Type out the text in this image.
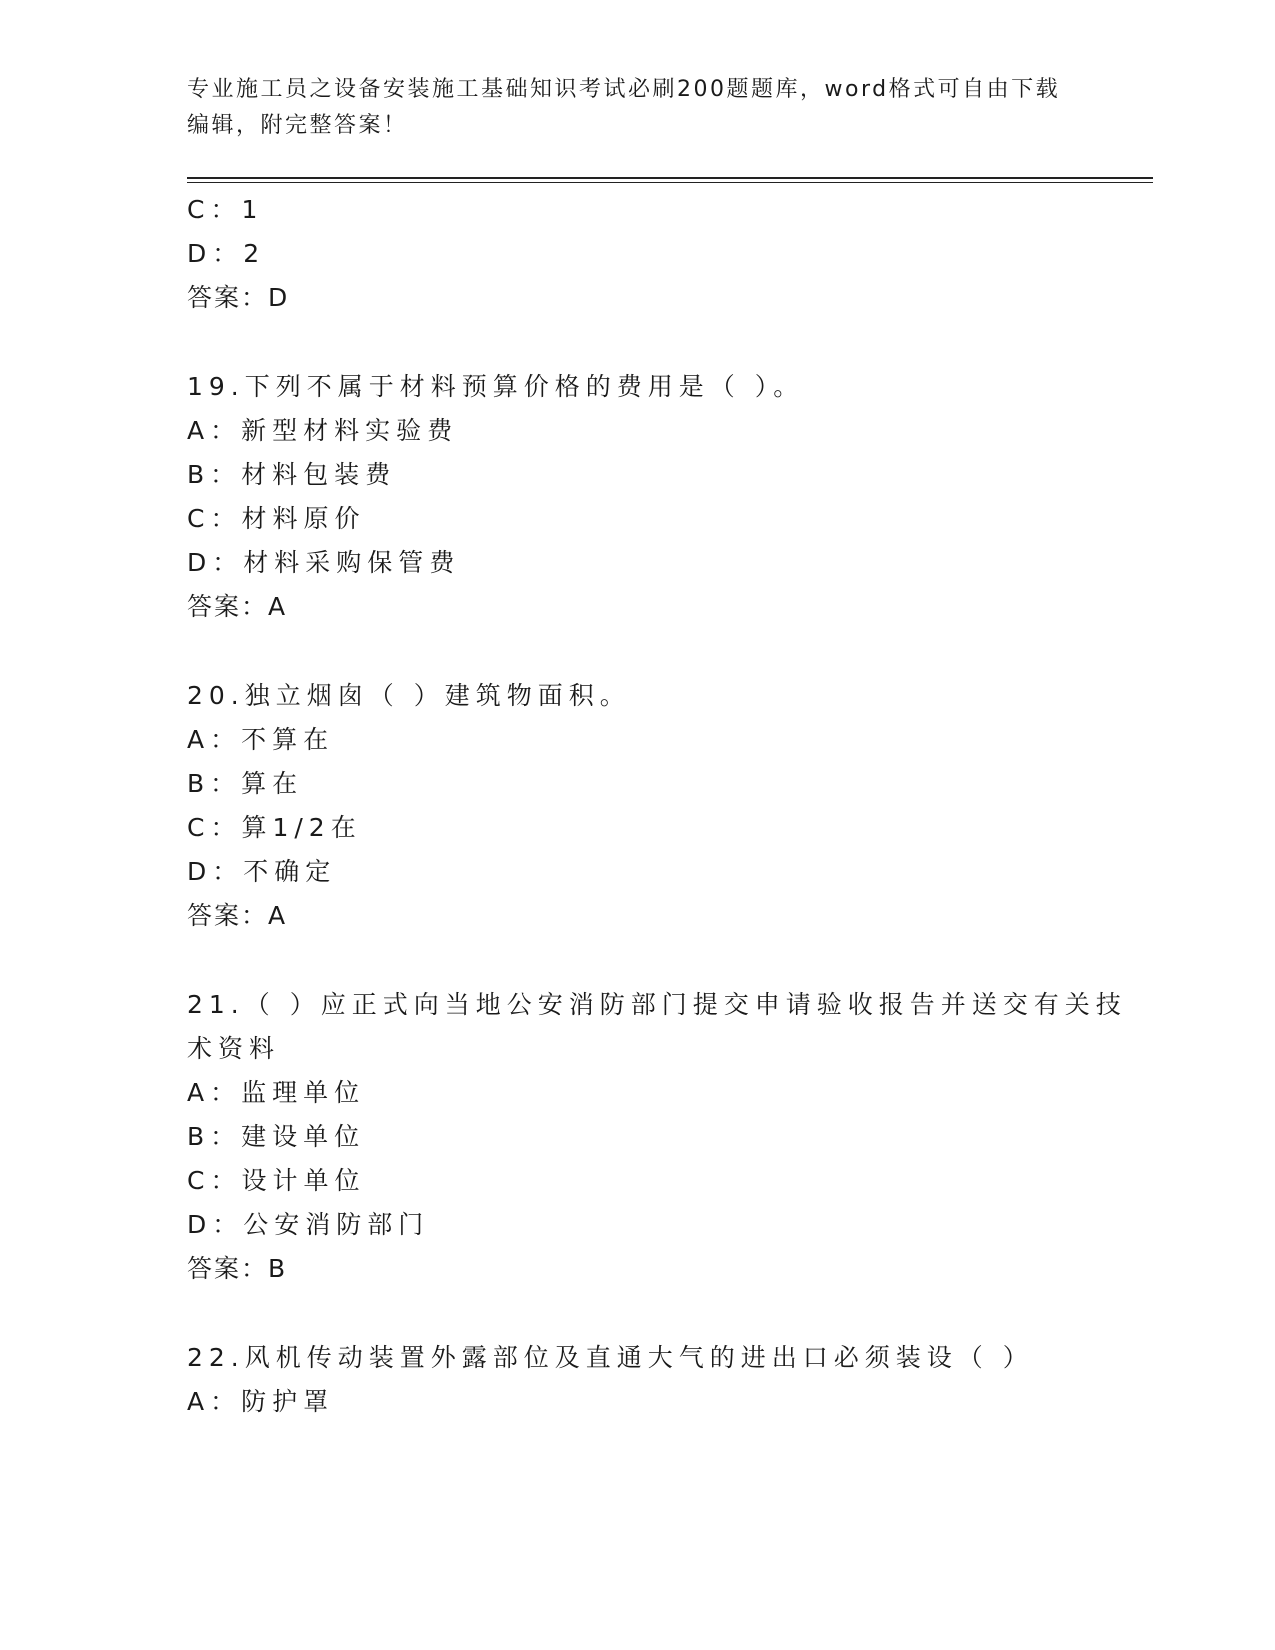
专业施工员之设备安装施工基础知识考试必刷200题题库，word格式可自由下载
编辑，附完整答案！
C：1
D：2
答案：D
19.下列不属于材料预算价格的费用是（ ）。
A：新型材料实验费
B：材料包装费
C：材料原价
D：材料采购保管费
答案：A
20.独立烟囱（ ）建筑物面积。
A：不算在
B：算在
C：算1/2在
D：不确定
答案：A
21.（ ）应正式向当地公安消防部门提交申请验收报告并送交有关技
术资料
A：监理单位
B：建设单位
C：设计单位
D：公安消防部门
答案：B
22.风机传动装置外露部位及直通大气的进出口必须装设（ ）
A：防护罩
